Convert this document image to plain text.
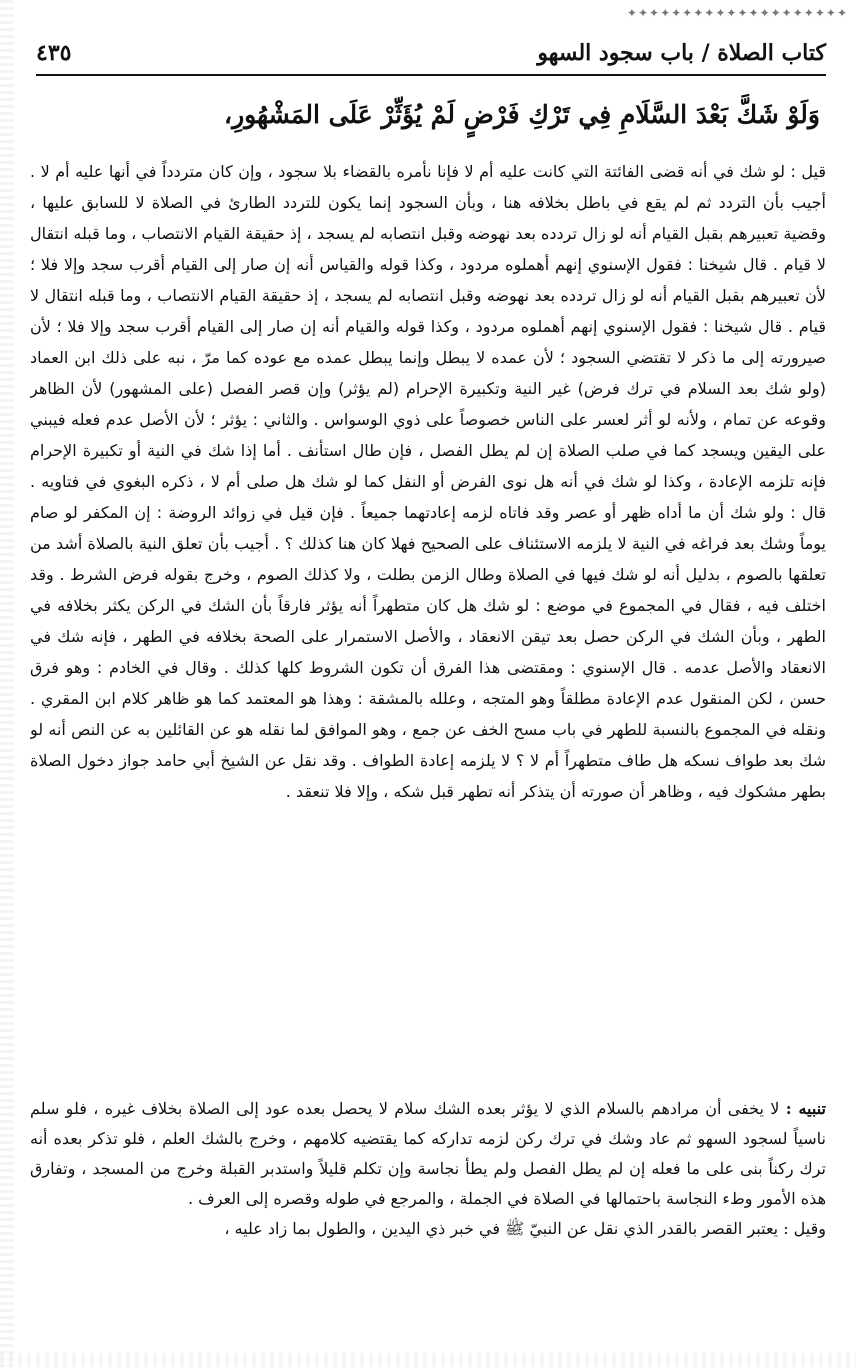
✦✦✦✦✦✦✦✦✦✦✦✦✦✦✦✦✦✦✦✦
كتاب الصلاة / باب سجود السهو
٤٣٥
وَلَوْ شَكَّ بَعْدَ السَّلَامِ فِي تَرْكِ فَرْضٍ لَمْ يُؤَثِّرْ عَلَى المَشْهُورِ،

قيل : لو شك في أنه قضى الفائتة التي كانت عليه أم لا فإنا نأمره بالقضاء بلا سجود ، وإن كان متردداً في أنها عليه أم لا . أجيب بأن التردد ثم لم يقع في باطل بخلافه هنا ، وبأن السجود إنما يكون للتردد الطارئ في الصلاة لا للسابق عليها ، وقضية تعبيرهم بقبل القيام أنه لو زال تردده بعد نهوضه وقبل انتصابه لم يسجد ، إذ حقيقة القيام الانتصاب ، وما قبله انتقال لا قيام . قال شيخنا : فقول الإسنوي إنهم أهملوه مردود ، وكذا قوله والقياس أنه إن صار إلى القيام أقرب سجد وإلا فلا ؛ لأن تعبيرهم بقبل القيام أنه لو زال تردده بعد نهوضه وقبل انتصابه لم يسجد ، إذ حقيقة القيام الانتصاب ، وما قبله انتقال لا قيام . قال شيخنا : فقول الإسنوي إنهم أهملوه مردود ، وكذا قوله والقيام أنه إن صار إلى القيام أقرب سجد وإلا فلا ؛ لأن صيرورته إلى ما ذكر لا تقتضي السجود ؛ لأن عمده لا يبطل وإنما يبطل عمده مع عوده كما مرّ ، نبه على ذلك ابن العماد (ولو شك بعد السلام في ترك فرض) غير النية وتكبيرة الإحرام (لم يؤثر) وإن قصر الفصل (على المشهور) لأن الظاهر وقوعه عن تمام ، ولأنه لو أثر لعسر على الناس خصوصاً على ذوي الوسواس . والثاني : يؤثر ؛ لأن الأصل عدم فعله فيبني على اليقين ويسجد كما في صلب الصلاة إن لم يطل الفصل ، فإن طال استأنف . أما إذا شك في النية أو تكبيرة الإحرام فإنه تلزمه الإعادة ، وكذا لو شك في أنه هل نوى الفرض أو النفل كما لو شك هل صلى أم لا ، ذكره البغوي في فتاويه . قال : ولو شك أن ما أداه ظهر أو عصر وقد فاتاه لزمه إعادتهما جميعاً . فإن قيل في زوائد الروضة : إن المكفر لو صام يوماً وشك بعد فراغه في النية لا يلزمه الاستئناف على الصحيح فهلا كان هنا كذلك ؟ . أجيب بأن تعلق النية بالصلاة أشد من تعلقها بالصوم ، بدليل أنه لو شك فيها في الصلاة وطال الزمن بطلت ، ولا كذلك الصوم ، وخرج بقوله فرض الشرط . وقد اختلف فيه ، فقال في المجموع في موضع : لو شك هل كان متطهراً أنه يؤثر فارقاً بأن الشك في الركن يكثر بخلافه في الطهر ، وبأن الشك في الركن حصل بعد تيقن الانعقاد ، والأصل الاستمرار على الصحة بخلافه في الطهر ، فإنه شك في الانعقاد والأصل عدمه . قال الإسنوي : ومقتضى هذا الفرق أن تكون الشروط كلها كذلك . وقال في الخادم : وهو فرق حسن ، لكن المنقول عدم الإعادة مطلقاً وهو المتجه ، وعلله بالمشقة : وهذا هو المعتمد كما هو ظاهر كلام ابن المقري . ونقله في المجموع بالنسبة للطهر في باب مسح الخف عن جمع ، وهو الموافق لما نقله هو عن القائلين به عن النص أنه لو شك بعد طواف نسكه هل طاف متطهراً أم لا ؟ لا يلزمه إعادة الطواف . وقد نقل عن الشيخ أبي حامد جواز دخول الصلاة بطهر مشكوك فيه ، وظاهر أن صورته أن يتذكر أنه تطهر قبل شكه ، وإلا فلا تنعقد .

تنبيه : لا يخفى أن مرادهم بالسلام الذي لا يؤثر بعده الشك سلام لا يحصل بعده عود إلى الصلاة بخلاف غيره ، فلو سلم ناسياً لسجود السهو ثم عاد وشك في ترك ركن لزمه تداركه كما يقتضيه كلامهم ، وخرج بالشك العلم ، فلو تذكر بعده أنه ترك ركناً بنى على ما فعله إن لم يطل الفصل ولم يطأ نجاسة وإن تكلم قليلاً واستدبر القبلة وخرج من المسجد ، وتفارق هذه الأمور وطء النجاسة باحتمالها في الصلاة في الجملة ، والمرجع في طوله وقصره إلى العرف .

وقيل : يعتبر القصر بالقدر الذي نقل عن النبيّ ﷺ في خبر ذي اليدين ، والطول بما زاد عليه ،
